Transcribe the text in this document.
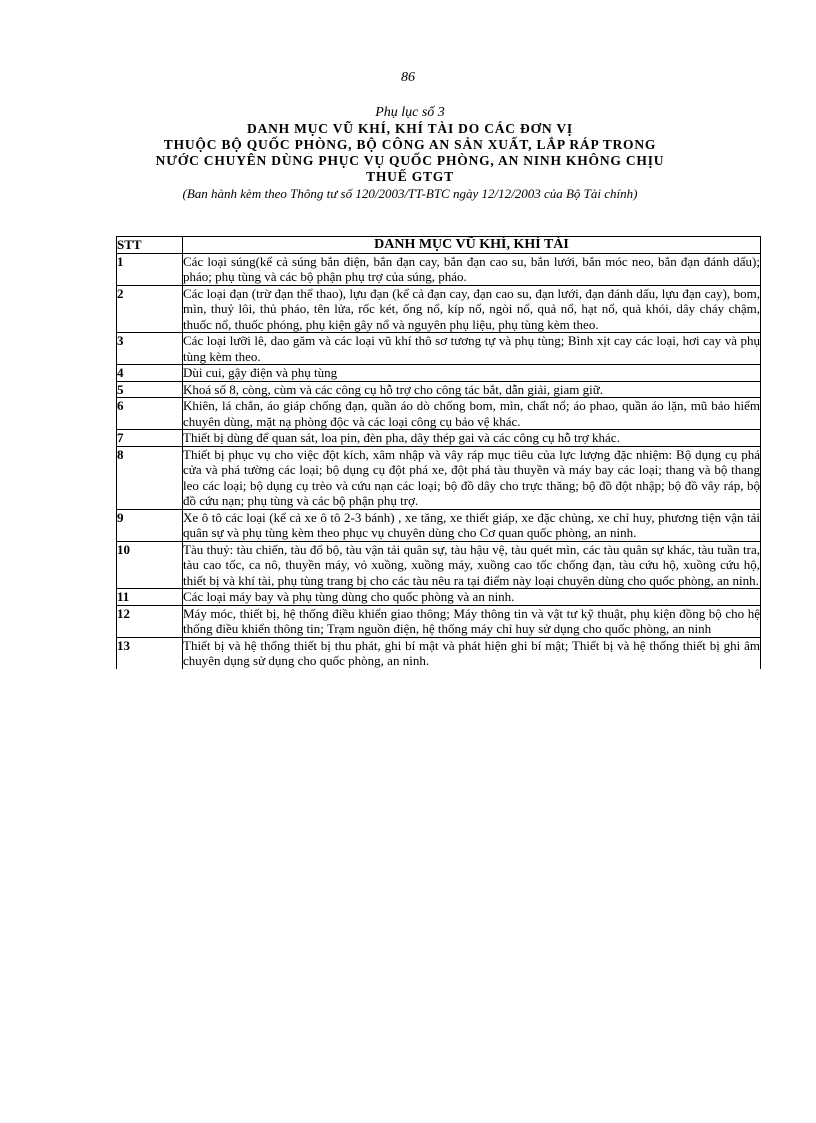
86
Phụ lục số 3
DANH MỤC VŨ KHÍ, KHÍ TÀI DO CÁC ĐƠN VỊ
THUỘC BỘ QUỐC PHÒNG, BỘ CÔNG AN SẢN XUẤT, LẮP RÁP TRONG
NƯỚC CHUYÊN DÙNG PHỤC VỤ QUỐC PHÒNG, AN NINH KHÔNG CHỊU
THUẾ GTGT
(Ban hành kèm theo Thông tư số 120/2003/TT-BTC ngày 12/12/2003 của Bộ Tài chính)
STT	DANH MỤC VŨ KHÍ, KHÍ TÀI
1	Các loại súng(kể cả súng bắn điện, bắn đạn cay, bắn đạn cao su, bắn lưới, bắn móc neo, bắn đạn đánh dấu); pháo; phụ tùng và các bộ phận phụ trợ của súng, pháo.
2	Các loại đạn (trừ đạn thể thao), lựu đạn (kể cả đạn cay, đạn cao su, đạn lưới, đạn đánh dấu, lựu đạn cay), bom, mìn, thuỷ lôi, thủ pháo, tên lửa, rốc két, ống nổ, kíp nổ, ngòi nổ, quả nổ, hạt nổ, quả khói, dây cháy chậm, thuốc nổ, thuốc phóng, phụ kiện gây nổ và nguyên phụ liệu, phụ tùng kèm theo.
3	Các loại lưỡi lê, dao găm và các loại vũ khí thô sơ tương tự và phụ tùng; Bình xịt cay các loại, hơi cay và phụ tùng kèm theo.
4	Dùi cui, gậy điện và phụ tùng
5	Khoá số 8, còng, cùm và các công cụ hỗ trợ cho công tác bắt, dẫn giải, giam giữ.
6	Khiên, lá chắn, áo giáp chống đạn, quần áo dò chống bom, mìn, chất nổ; áo phao, quần áo lặn, mũ bảo hiểm chuyên dùng, mặt nạ phòng độc và các loại công cụ bảo vệ khác.
7	Thiết bị dùng để quan sát, loa pin, đèn pha, dây thép gai và các công cụ hỗ trợ khác.
8	Thiết bị phục vụ cho việc đột kích, xâm nhập và vây ráp mục tiêu của lực lượng đặc nhiệm: Bộ dụng cụ phá cửa và phá tường các loại; bộ dụng cụ đột phá xe, đột phá tàu thuyền và máy bay các loại; thang và bộ thang leo các loại; bộ dụng cụ trèo và cứu nạn các loại; bộ đồ dây cho trực thăng; bộ đồ đột nhập; bộ đồ vây ráp, bộ đồ cứu nạn; phụ tùng và các bộ phận phụ trợ.
9	Xe ô tô các loại (kể cả xe ô tô 2-3 bánh) , xe tăng, xe thiết giáp, xe đặc chủng, xe chỉ huy, phương tiện vận tải quân sự và phụ tùng kèm theo phục vụ chuyên dùng cho Cơ quan quốc phòng, an ninh.
10	Tàu thuỷ: tàu chiến, tàu đổ bộ, tàu vận tải quân sự, tàu hậu vệ, tàu quét mìn, các tàu quân sự khác, tàu tuần tra, tàu cao tốc, ca nô, thuyền máy, vỏ xuồng, xuồng máy, xuồng cao tốc chống đạn, tàu cứu hộ, xuồng cứu hộ, thiết bị và khí tài, phụ tùng trang bị cho các tàu nêu ra tại điểm này loại chuyên dùng cho quốc phòng, an ninh.
11	Các loại máy bay và phụ tùng dùng cho quốc phòng và an ninh.
12	Máy móc, thiết bị, hệ thống điều khiển giao thông; Máy thông tin và vật tư kỹ thuật, phụ kiện đồng bộ cho hệ thống điều khiển thông tin; Trạm nguồn điện, hệ thống máy chỉ huy sử dụng cho quốc phòng, an ninh
13	Thiết bị và hệ thống thiết bị thu phát, ghi bí mật và phát hiện ghi bí mật; Thiết bị và hệ thống thiết bị ghi âm chuyên dụng sử dụng cho quốc phòng, an ninh.
